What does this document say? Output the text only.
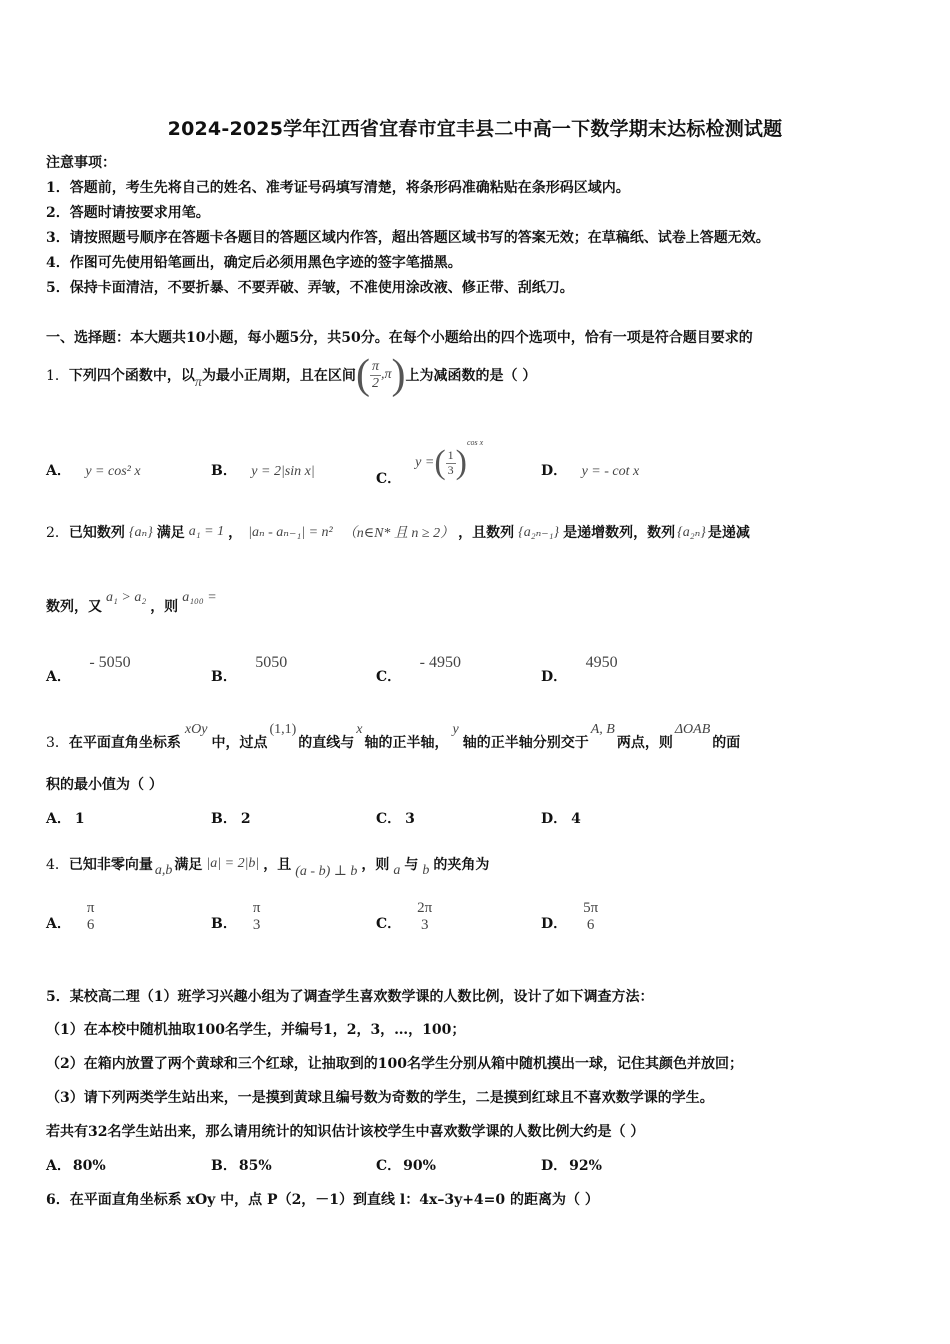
2024-2025学年江西省宜春市宜丰县二中高一下数学期末达标检测试题
注意事项：
1．答题前，考生先将自己的姓名、准考证号码填写清楚，将条形码准确粘贴在条形码区域内。
2．答题时请按要求用笔。
3．请按照题号顺序在答题卡各题目的答题区域内作答，超出答题区域书写的答案无效；在草稿纸、试卷上答题无效。
4．作图可先使用铅笔画出，确定后必须用黑色字迹的签字笔描黑。
5．保持卡面清洁，不要折暴、不要弄破、弄皱，不准使用涂改液、修正带、刮纸刀。
一、选择题：本大题共10小题，每小题5分，共50分。在每个小题给出的四个选项中，恰有一项是符合题目要求的
1． 下列四个函数中，以 π 为最小正周期，且在区间 ( $\frac{\pi}{2} ,\pi$ ) 上为减函数的是（ ）
A． y = cos² x	B． y = 2|sin x|	C．
y = ( $\frac{1}{3}$ )
cos x
D． y = - cot x
2． 已知数列 {aₙ} 满足 a₁ = 1 ， |aₙ - aₙ₋₁| = n² （n∈N* 且 n ≥ 2） ，且数列 {a₂ₙ₋₁} 是递增数列，数列 {a₂ₙ} 是递减
数列，又
a₁ > a₂
，则
a₁₀₀ =
A． - 5050
B． 5050
C． - 4950
D． 4950
3． 在平面直角坐标系
xOy
中，过点
(1,1)
的直线与
x
轴的正半轴，
y
轴的正半轴分别交于
A, B
两点，则
ΔOAB
的面
积的最小值为（ ）
A． 1	B． 2	C． 3	D． 4
4． 已知非零向量 a,b 满足 |a| = 2|b| ，且 (a - b) ⊥ b ，则 a 与 b 的夹角为
A．
π
6	B．
π
3	C．
2π
3	D．
5π
6
5．某校高二理（1）班学习兴趣小组为了调查学生喜欢数学课的人数比例，设计了如下调查方法：
（1）在本校中随机抽取100名学生，并编号1，2，3，…，100；
（2）在箱内放置了两个黄球和三个红球，让抽取到的100名学生分别从箱中随机摸出一球，记住其颜色并放回；
（3）请下列两类学生站出来，一是摸到黄球且编号数为奇数的学生，二是摸到红球且不喜欢数学课的学生。
若共有32名学生站出来，那么请用统计的知识估计该校学生中喜欢数学课的人数比例大约是（ ）
A． 80%	B． 85%	C． 90%	D． 92%
6．在平面直角坐标系 xOy 中，点 P（2，－1）到直线 l：4x–3y+4=0 的距离为（ ）
